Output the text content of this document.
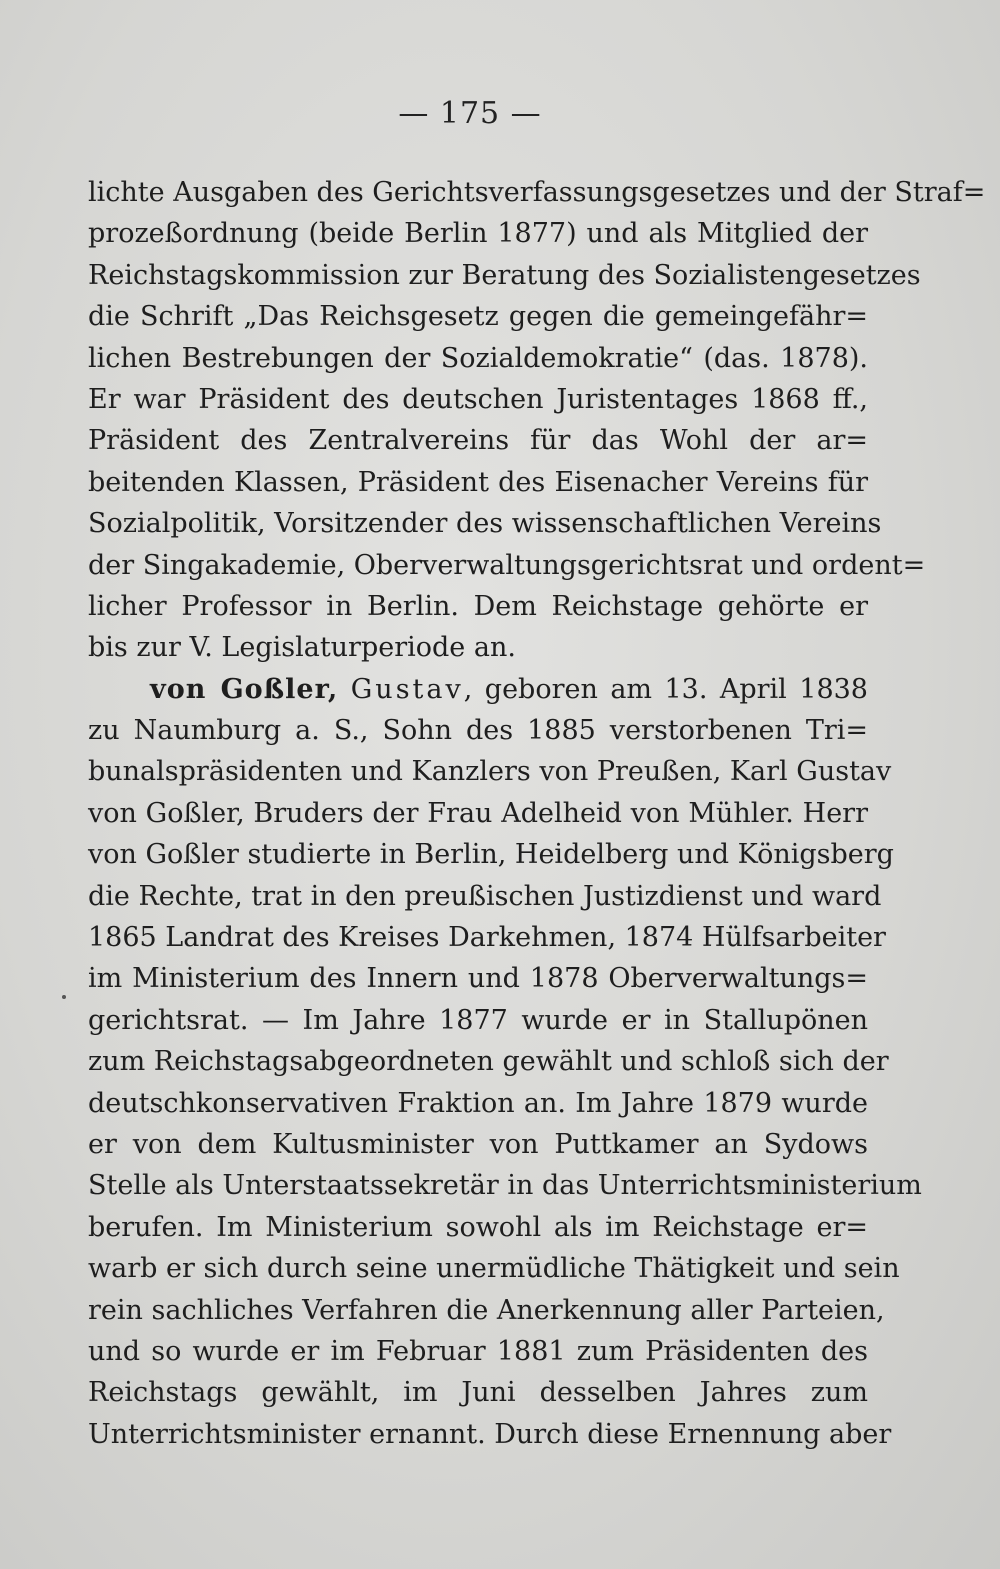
— 175 —
lichte Ausgaben des Gerichtsverfassungsgesetzes und der Straf=
prozeßordnung (beide Berlin 1877) und als Mitglied der
Reichstagskommission zur Beratung des Sozialistengesetzes
die Schrift „Das Reichsgesetz gegen die gemeingefähr=
lichen Bestrebungen der Sozialdemokratie“ (das. 1878).
Er war Präsident des deutschen Juristentages 1868 ff.,
Präsident des Zentralvereins für das Wohl der ar=
beitenden Klassen, Präsident des Eisenacher Vereins für
Sozialpolitik, Vorsitzender des wissenschaftlichen Vereins
der Singakademie, Oberverwaltungsgerichtsrat und ordent=
licher Professor in Berlin. Dem Reichstage gehörte er
bis zur V. Legislaturperiode an.
von Goßler, Gustav, geboren am 13. April 1838
zu Naumburg a. S., Sohn des 1885 verstorbenen Tri=
bunalspräsidenten und Kanzlers von Preußen, Karl Gustav
von Goßler, Bruders der Frau Adelheid von Mühler. Herr
von Goßler studierte in Berlin, Heidelberg und Königsberg
die Rechte, trat in den preußischen Justizdienst und ward
1865 Landrat des Kreises Darkehmen, 1874 Hülfsarbeiter
im Ministerium des Innern und 1878 Oberverwaltungs=
gerichtsrat. — Im Jahre 1877 wurde er in Stallupönen
zum Reichstagsabgeordneten gewählt und schloß sich der
deutschkonservativen Fraktion an. Im Jahre 1879 wurde
er von dem Kultusminister von Puttkamer an Sydows
Stelle als Unterstaatssekretär in das Unterrichtsministerium
berufen. Im Ministerium sowohl als im Reichstage er=
warb er sich durch seine unermüdliche Thätigkeit und sein
rein sachliches Verfahren die Anerkennung aller Parteien,
und so wurde er im Februar 1881 zum Präsidenten des
Reichstags gewählt, im Juni desselben Jahres zum
Unterrichtsminister ernannt. Durch diese Ernennung aber
